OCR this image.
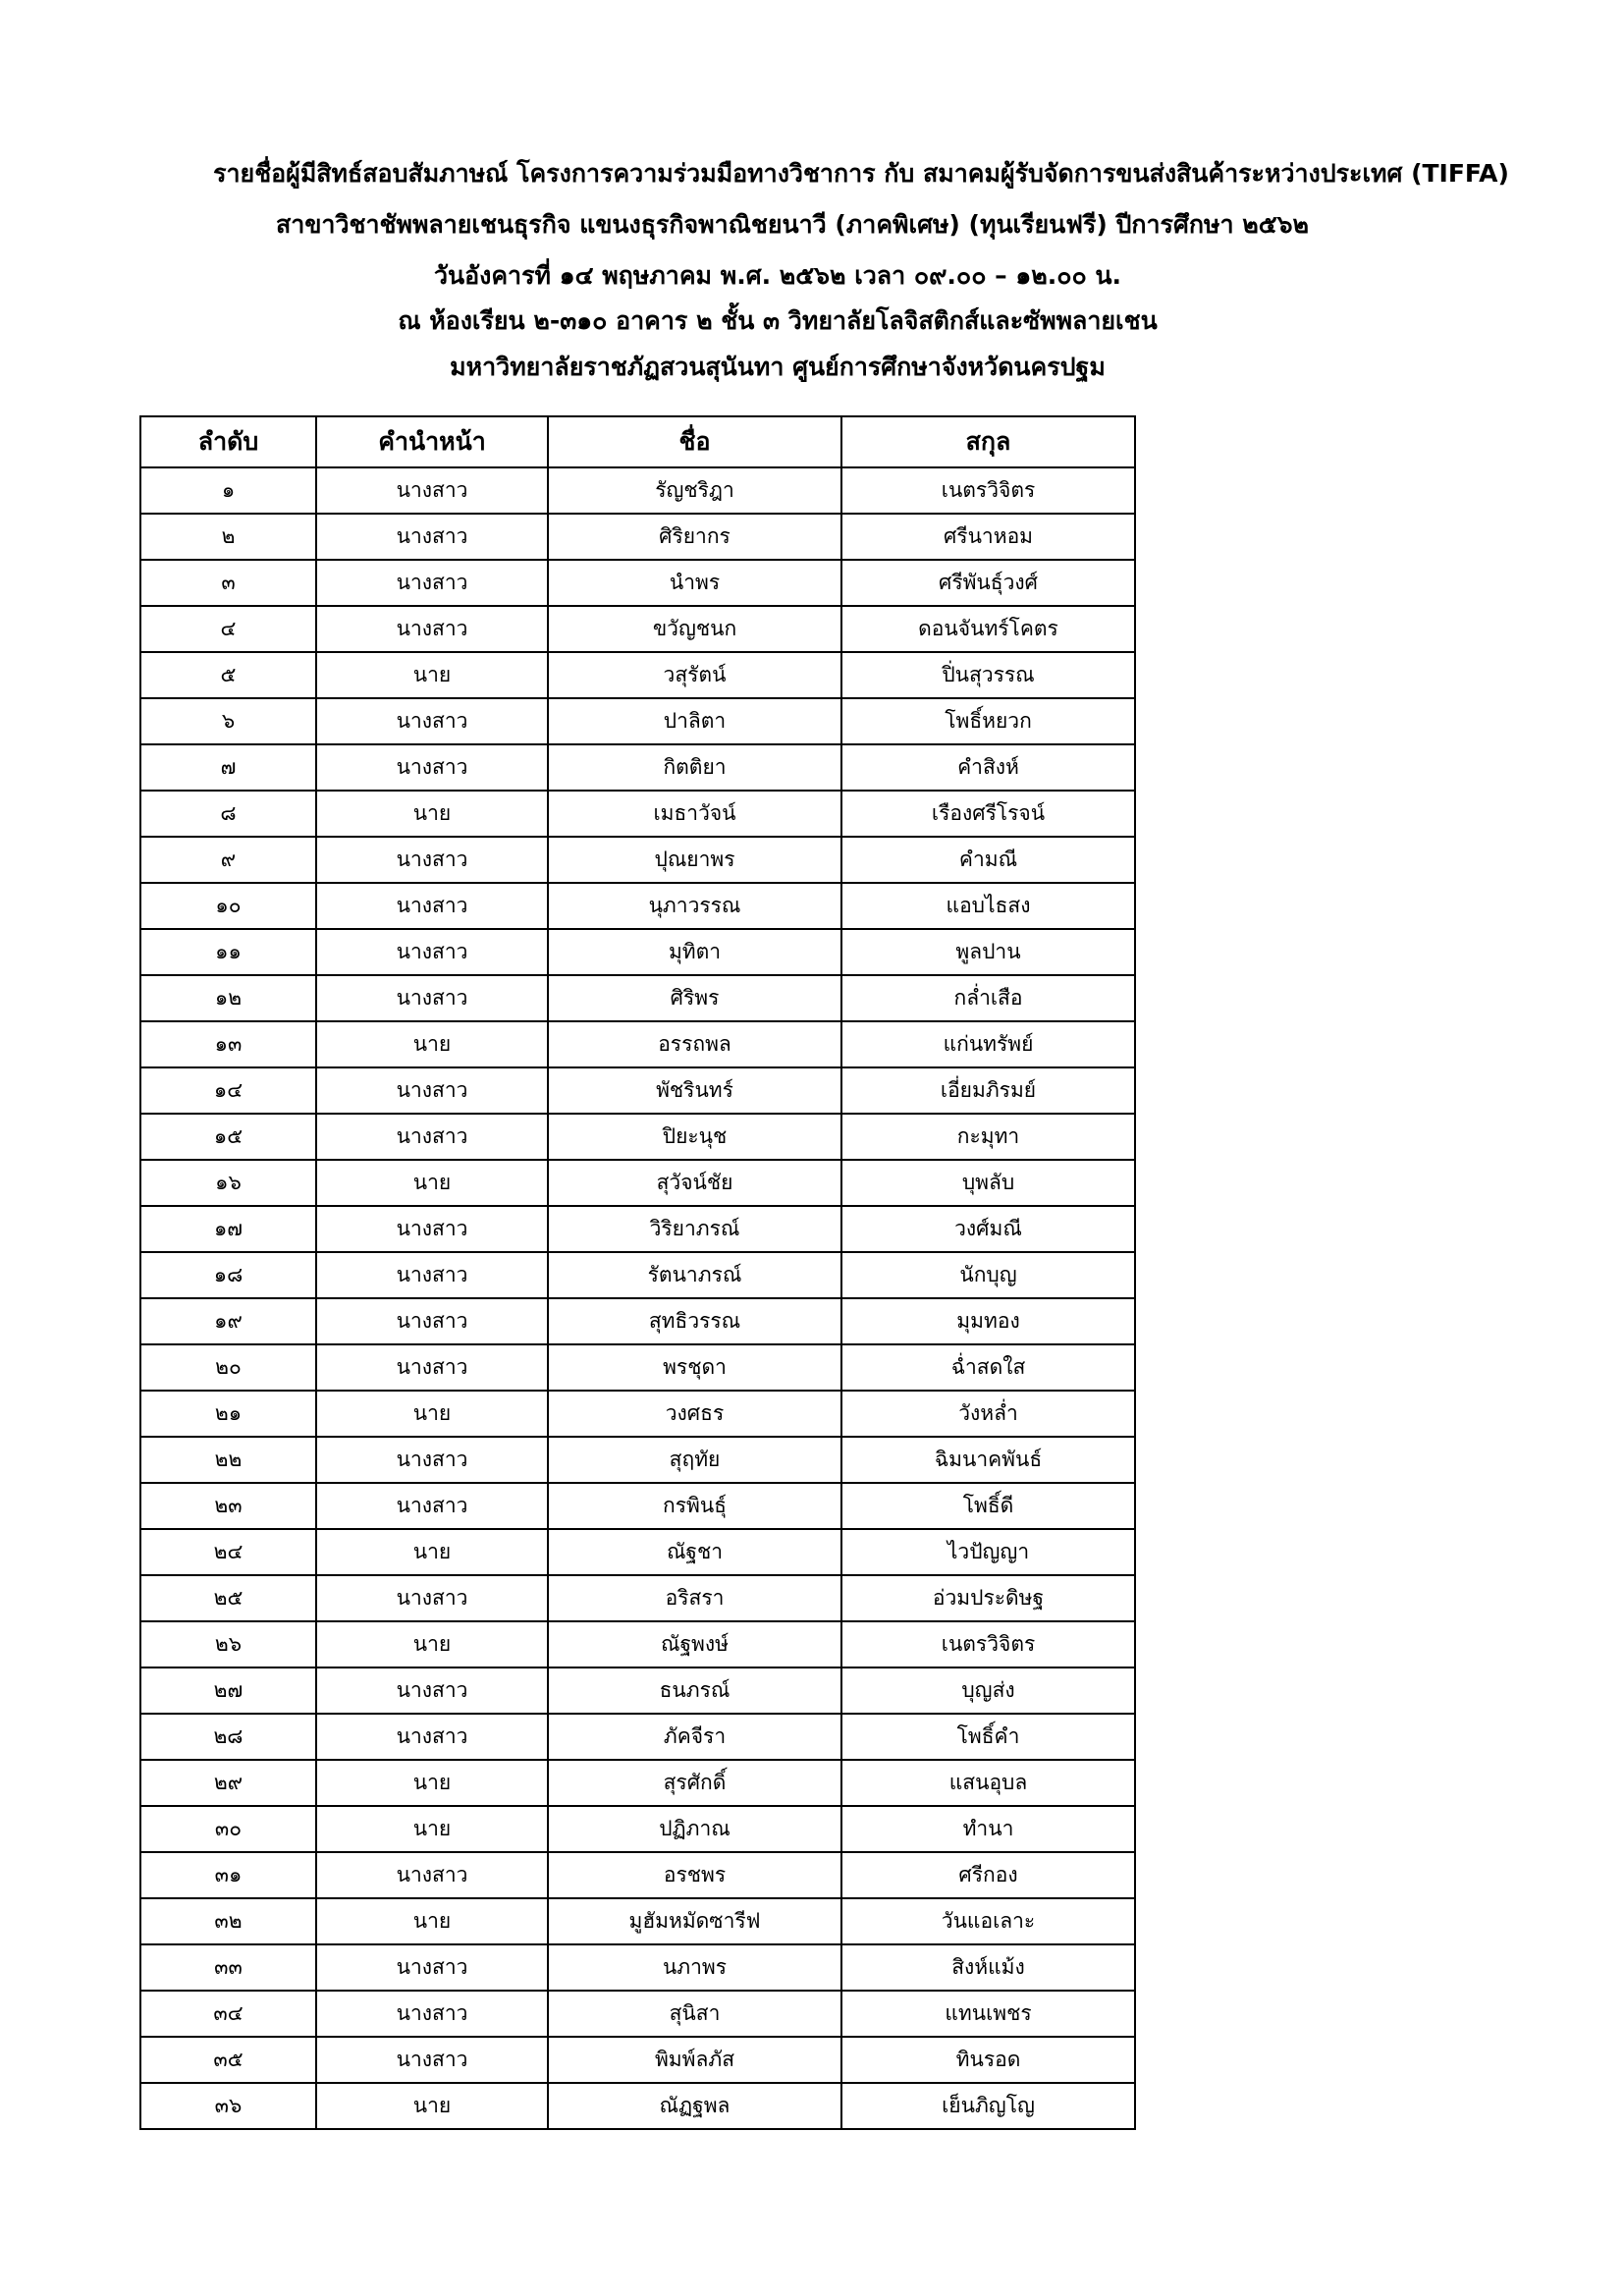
รายชื่อผู้มีสิทธ์สอบสัมภาษณ์ โครงการความร่วมมือทางวิชาการ กับ สมาคมผู้รับจัดการขนส่งสินค้าระหว่างประเทศ (TIFFA)
สาขาวิชาชัพพลายเชนธุรกิจ แขนงธุรกิจพาณิชยนาวี (ภาคพิเศษ) (ทุนเรียนฟรี) ปีการศึกษา ๒๕๖๒
วันอังคารที่ ๑๔ พฤษภาคม พ.ศ. ๒๕๖๒ เวลา ๐๙.๐๐ – ๑๒.๐๐ น.
ณ ห้องเรียน ๒-๓๑๐ อาคาร ๒ ชั้น ๓ วิทยาลัยโลจิสติกส์และซัพพลายเชน
มหาวิทยาลัยราชภัฏสวนสุนันทา ศูนย์การศึกษาจังหวัดนครปฐม
ลำดับ	คำนำหน้า	ชื่อ	สกุล
๑	นางสาว	รัญชริฎา	เนตรวิจิตร
๒	นางสาว	ศิริยากร	ศรีนาหอม
๓	นางสาว	นำพร	ศรีพันธุ์วงศ์
๔	นางสาว	ขวัญชนก	ดอนจันทร์โคตร
๕	นาย	วสุรัตน์	ปิ่นสุวรรณ
๖	นางสาว	ปาลิตา	โพธิ์หยวก
๗	นางสาว	กิตติยา	คำสิงห์
๘	นาย	เมธาวัจน์	เรืองศรีโรจน์
๙	นางสาว	ปุณยาพร	คำมณี
๑๐	นางสาว	นุภาวรรณ	แอบไธสง
๑๑	นางสาว	มุทิตา	พูลปาน
๑๒	นางสาว	ศิริพร	กล่ำเสือ
๑๓	นาย	อรรถพล	แก่นทรัพย์
๑๔	นางสาว	พัชรินทร์	เอี่ยมภิรมย์
๑๕	นางสาว	ปิยะนุช	กะมุทา
๑๖	นาย	สุวัจน์ชัย	บุพลับ
๑๗	นางสาว	วิริยาภรณ์	วงศ์มณี
๑๘	นางสาว	รัตนาภรณ์	นักบุญ
๑๙	นางสาว	สุทธิวรรณ	มุมทอง
๒๐	นางสาว	พรชุดา	ฉ่ำสดใส
๒๑	นาย	วงศธร	วังหล่ำ
๒๒	นางสาว	สุฤทัย	ฉิมนาคพันธ์
๒๓	นางสาว	กรพินธุ์	โพธิ์ดี
๒๔	นาย	ณัฐชา	ไวปัญญา
๒๕	นางสาว	อริสรา	อ่วมประดิษฐ
๒๖	นาย	ณัฐพงษ์	เนตรวิจิตร
๒๗	นางสาว	ธนภรณ์	บุญส่ง
๒๘	นางสาว	ภัคจีรา	โพธิ์คำ
๒๙	นาย	สุรศักดิ์	แสนอุบล
๓๐	นาย	ปฏิภาณ	ทำนา
๓๑	นางสาว	อรชพร	ศรีกอง
๓๒	นาย	มูฮัมหมัดซารีฟ	วันแอเลาะ
๓๓	นางสาว	นภาพร	สิงห์แม้ง
๓๔	นางสาว	สุนิสา	แทนเพชร
๓๕	นางสาว	พิมพ์ลภัส	ทินรอด
๓๖	นาย	ณัฏฐพล	เย็นภิญโญ
